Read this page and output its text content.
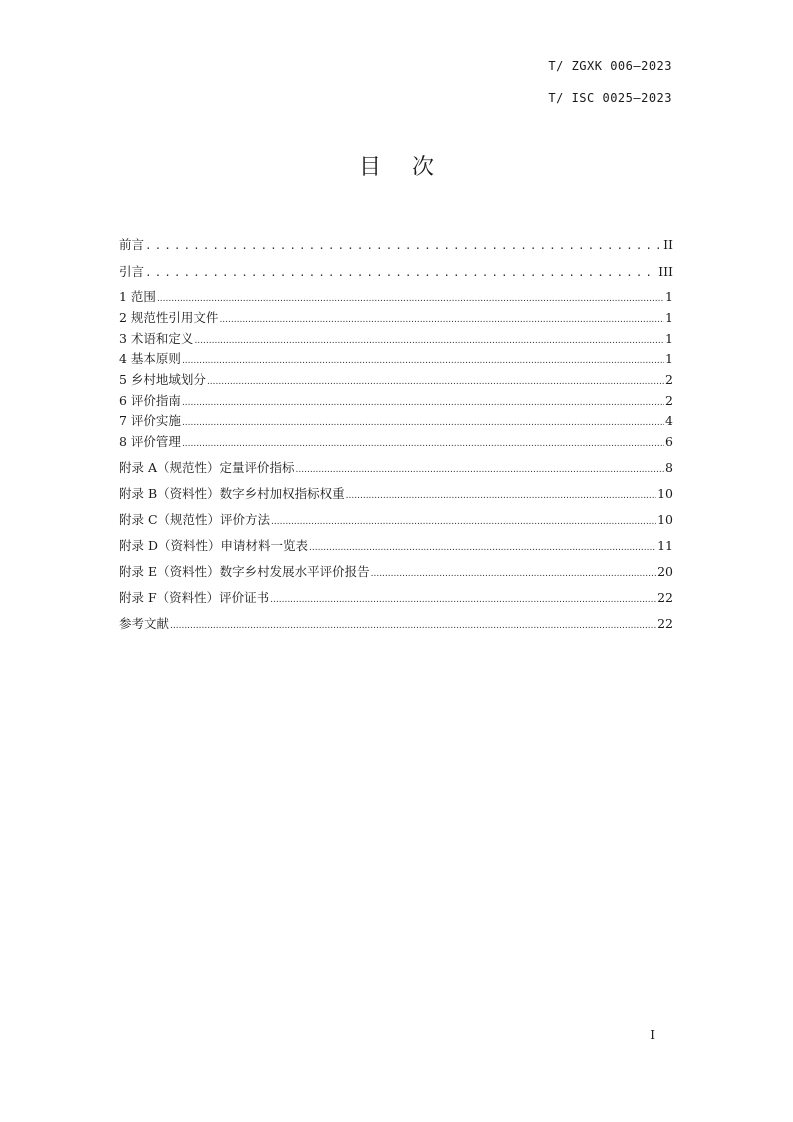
T/ ZGXK 006—2023
T/ ISC 0025—2023
目 次
前言 .....	II
引言 .....	III
1 范围 .....	1
2 规范性引用文件 .....	1
3 术语和定义 .....	1
4 基本原则 .....	1
5 乡村地域划分 .....	2
6 评价指南 .....	2
7 评价实施 .....	4
8 评价管理 .....	6
附录 A（规范性）定量评价指标 .....	8
附录 B（资料性）数字乡村加权指标权重 .....	10
附录 C（规范性）评价方法 .....	10
附录 D（资料性）申请材料一览表 .....	11
附录 E（资料性）数字乡村发展水平评价报告 .....	20
附录 F（资料性）评价证书 .....	22
参考文献 .....	22
I
